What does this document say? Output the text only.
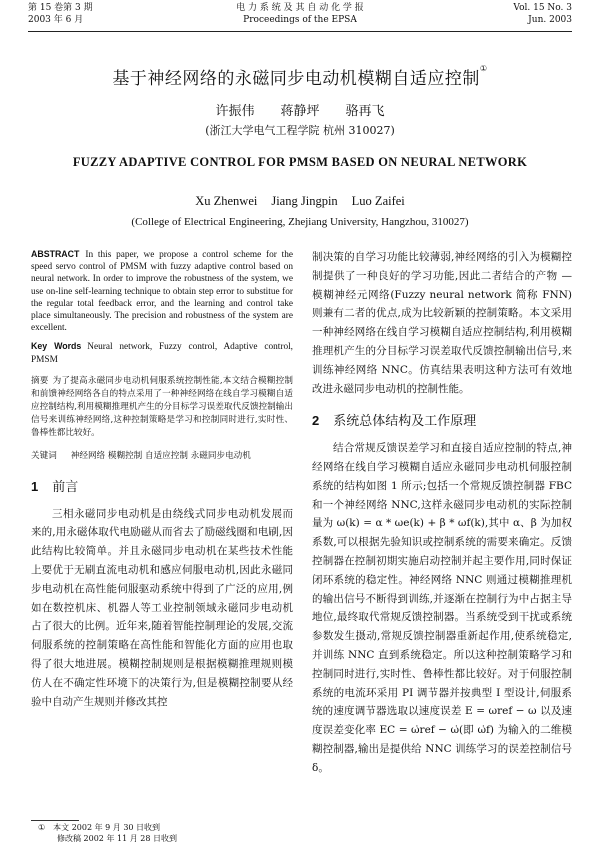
第 15 卷第 3 期
2003 年 6 月
电 力 系 统 及 其 自 动 化 学 报
Proceedings of the EPSA
Vol. 15 No. 3
Jun. 2003
基于神经网络的永磁同步电动机模糊自适应控制①
许振伟 蒋静坪 骆再飞
(浙江大学电气工程学院 杭州 310027)
FUZZY ADAPTIVE CONTROL FOR PMSM BASED ON NEURAL NETWORK
Xu Zhenwei Jiang Jingpin Luo Zaifei
(College of Electrical Engineering, Zhejiang University, Hangzhou, 310027)
ABSTRACT In this paper, we propose a control scheme for the speed servo control of PMSM with fuzzy adaptive control based on neural network. In order to improve the robustness of the system, we use on-line self-learning technique to obtain step error to substitue for the regular total feedback error, and the learning and control take place simultaneously. The precision and robustness of the system are excellent.
Key Words Neural network, Fuzzy control, Adaptive control, PMSM
摘要 为了提高永磁同步电动机伺服系统控制性能,本文结合模糊控制和前馈神经网络各自的特点采用了一种神经网络在线自学习模糊自适应控制结构,利用模糊推理机产生的分目标学习误差取代反馈控制输出信号来训练神经网络,这种控制策略是学习和控制同时进行,实时性、鲁棒性都比较好。
关键词 神经网络 模糊控制 自适应控制 永磁同步电动机
1 前言

三相永磁同步电动机是由绕线式同步电动机发展而来的,用永磁体取代电励磁从而省去了励磁线圈和电刷,因此结构比较简单。并且永磁同步电动机在某些技术性能上要优于无刷直流电动机和感应伺服电动机,因此永磁同步电动机在高性能伺服驱动系统中得到了广泛的应用,例如在数控机床、机器人等工业控制领域永磁同步电动机占了很大的比例。近年来,随着智能控制理论的发展,交流伺服系统的控制策略在高性能和智能化方面的应用也取得了很大地进展。模糊控制规则是根据模糊推理规则模仿人在不确定性环境下的决策行为,但是模糊控制要从经验中自动产生规则并修改其控

制决策的自学习功能比较薄弱,神经网络的引入为模糊控制提供了一种良好的学习功能,因此二者结合的产物 — 模糊神经元网络(Fuzzy neural network 简称 FNN)则兼有二者的优点,成为比较新颖的控制策略。本文采用一种神经网络在线自学习模糊自适应控制结构,利用模糊推理机产生的分目标学习误差取代反馈控制输出信号,来训练神经网络 NNC。仿真结果表明这种方法可有效地改进永磁同步电动机的控制性能。

2 系统总体结构及工作原理

结合常规反馈误差学习和直接自适应控制的特点,神经网络在线自学习模糊自适应永磁同步电动机伺服控制系统的结构如图 1 所示;包括一个常规反馈控制器 FBC 和一个神经网络 NNC,这样永磁同步电动机的实际控制量为 ω(k) = α * ωe(k) + β * ωf(k),其中 α、β 为加权系数,可以根据先验知识或控制系统的需要来确定。反馈控制器在控制初期实施启动控制并起主要作用,同时保证闭环系统的稳定性。神经网络 NNC 则通过模糊推理机的输出信号不断得到训练,并逐渐在控制行为中占据主导地位,最终取代常规反馈控制器。当系统受到干扰或系统参数发生摄动,常规反馈控制器重新起作用,使系统稳定,并训练 NNC 直到系统稳定。所以这种控制策略学习和控制同时进行,实时性、鲁棒性都比较好。对于伺服控制系统的电流环采用 PI 调节器并按典型 I 型设计,伺服系统的速度调节器选取以速度误差 E = ωref − ω 以及速度误差变化率 EC = ω̇ref − ω̇(即 ω̇f) 为输入的二维模糊控制器,输出是提供给 NNC 训练学习的误差控制信号 δ。

① 本文 2002 年 9 月 30 日收到
修改稿 2002 年 11 月 28 日收到
